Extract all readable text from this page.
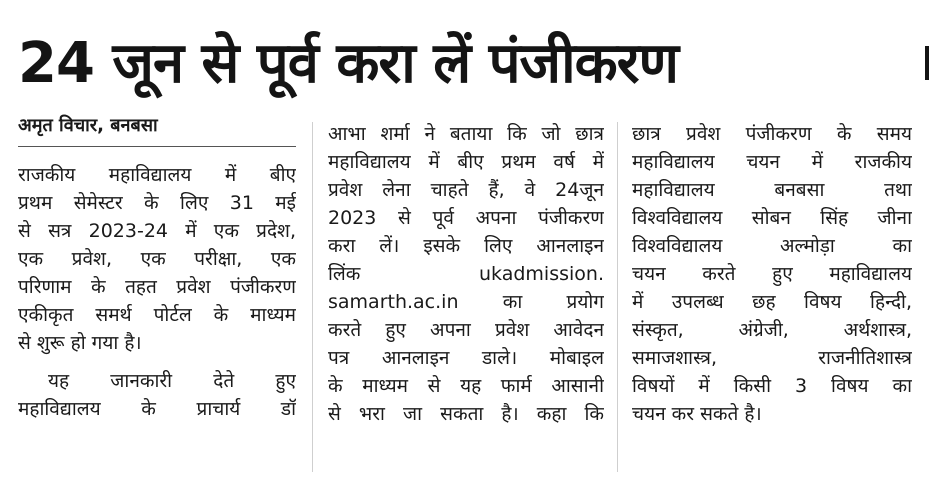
24 जून से पूर्व करा लें पंजीकरण
अमृत विचार, बनबसा
राजकीय महाविद्यालय में बीए
प्रथम सेमेस्टर के लिए 31 मई
से सत्र 2023-24 में एक प्रदेश,
एक प्रवेश, एक परीक्षा, एक
परिणाम के तहत प्रवेश पंजीकरण
एकीकृत समर्थ पोर्टल के माध्यम
से शुरू हो गया है।
यह जानकारी देते हुए
महाविद्यालय के प्राचार्य डॉ
आभा शर्मा ने बताया कि जो छात्र
महाविद्यालय में बीए प्रथम वर्ष में
प्रवेश लेना चाहते हैं, वे 24जून
2023 से पूर्व अपना पंजीकरण
करा लें। इसके लिए आनलाइन
लिंक ukadmission.
samarth.ac.in का प्रयोग
करते हुए अपना प्रवेश आवेदन
पत्र आनलाइन डाले। मोबाइल
के माध्यम से यह फार्म आसानी
से भरा जा सकता है। कहा कि
छात्र प्रवेश पंजीकरण के समय
महाविद्यालय चयन में राजकीय
महाविद्यालय बनबसा तथा
विश्वविद्यालय सोबन सिंह जीना
विश्वविद्यालय अल्मोड़ा का
चयन करते हुए महाविद्यालय
में उपलब्ध छह विषय हिन्दी,
संस्कृत, अंग्रेजी, अर्थशास्त्र,
समाजशास्त्र, राजनीतिशास्त्र
विषयों में किसी 3 विषय का
चयन कर सकते है।
